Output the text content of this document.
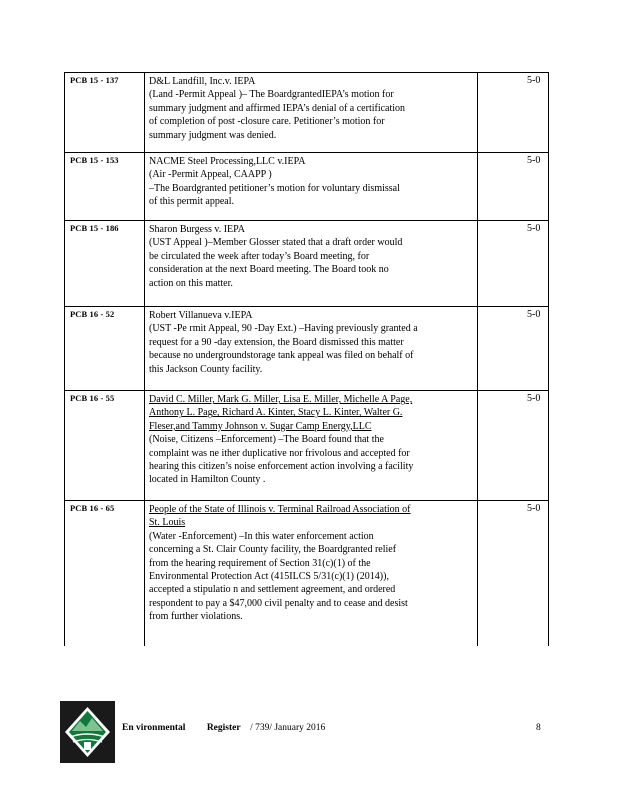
PCB 15 - 137	D&L Landfill, Inc.v. IEPA
(Land -Permit Appeal )– The BoardgrantedIEPA’s motion for
summary judgment and affirmed IEPA’s denial of a certification
of completion of post -closure care. Petitioner’s motion for
summary judgment was denied.
5-0
PCB 15 - 153	NACME Steel Processing,LLC v.IEPA
(Air -Permit Appeal, CAAPP )
–The Boardgranted petitioner’s motion for voluntary dismissal
of this permit appeal.
5-0
PCB 15 - 186	Sharon Burgess v. IEPA
(UST Appeal )–Member Glosser stated that a draft order would
be circulated the week after today’s Board meeting, for
consideration at the next Board meeting. The Board took no
action on this matter.
5-0
PCB 16 - 52	Robert Villanueva v.IEPA
(UST -Pe rmit Appeal, 90 -Day Ext.) –Having previously granted a
request for a 90 -day extension, the Board dismissed this matter
because no undergroundstorage tank appeal was filed on behalf of
this Jackson County facility.
5-0
PCB 16 - 55	David C. Miller, Mark G. Miller, Lisa E. Miller, Michelle A Page,
Anthony L. Page, Richard A. Kinter, Stacy L. Kinter, Walter G.
Fleser,and Tammy Johnson v. Sugar Camp Energy,LLC
(Noise, Citizens –Enforcement) –The Board found that the
complaint was ne ither duplicative nor frivolous and accepted for
hearing this citizen’s noise enforcement action involving a facility
located in Hamilton County .
5-0
PCB 16 - 65	People of the State of Illinois v. Terminal Railroad Association of
St. Louis
(Water -Enforcement) –In this water enforcement action
concerning a St. Clair County facility, the Boardgranted relief
from the hearing requirement of Section 31(c)(1) of the
Environmental Protection Act (415ILCS 5/31(c)(1) (2014)),
accepted a stipulatio n and settlement agreement, and ordered
respondent to pay a $47,000 civil penalty and to cease and desist
from further violations.
5-0
En vironmental Register / 739/ January 2016	8
